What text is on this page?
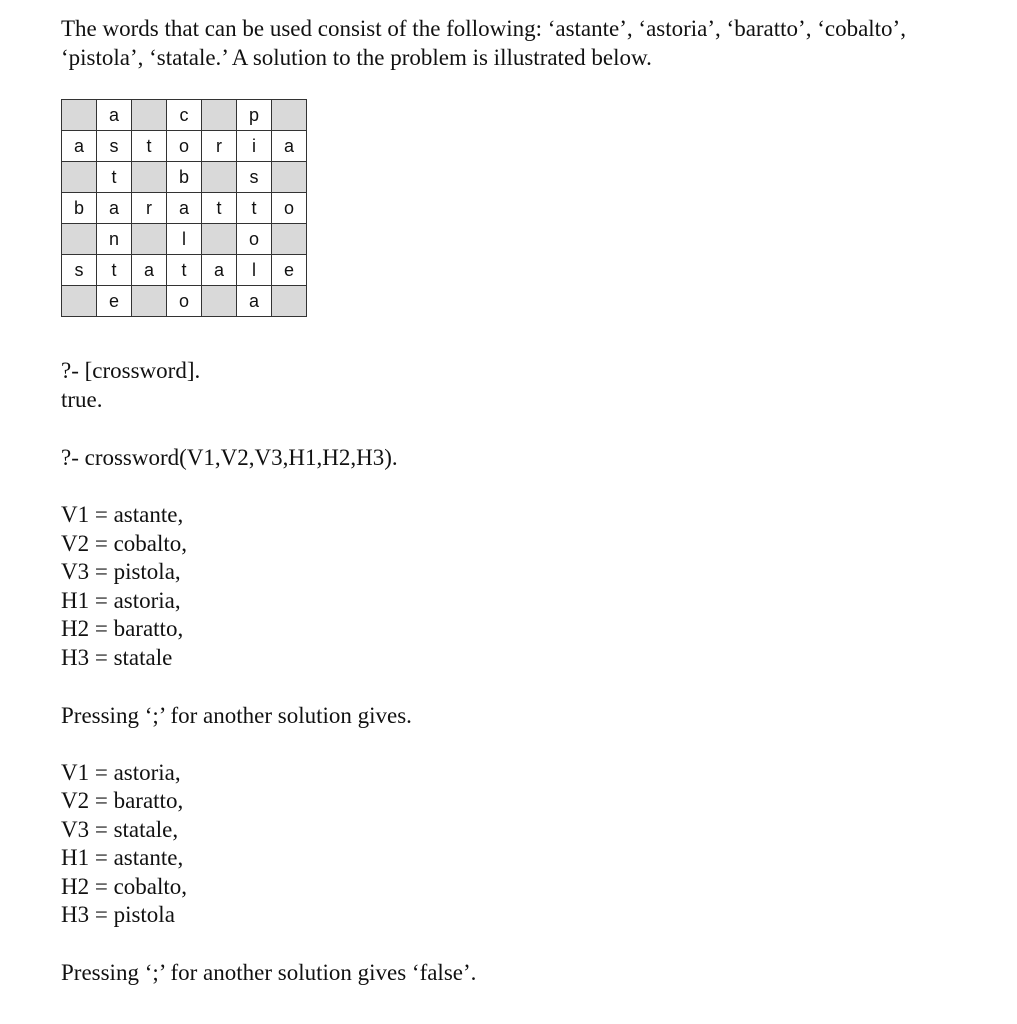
The words that can be used consist of the following: ‘astante’, ‘astoria’, ‘baratto’, ‘cobalto’,
‘pistola’, ‘statale.’ A solution to the problem is illustrated below.
	a		c		p	
a	s	t	o	r	i	a
	t		b		s	
b	a	r	a	t	t	o
	n		l		o	
s	t	a	t	a	l	e
	e		o		a	
?- [crossword].
true.
?- crossword(V1,V2,V3,H1,H2,H3).
V1 = astante,
V2 = cobalto,
V3 = pistola,
H1 = astoria,
H2 = baratto,
H3 = statale
Pressing ‘;’ for another solution gives.
V1 = astoria,
V2 = baratto,
V3 = statale,
H1 = astante,
H2 = cobalto,
H3 = pistola
Pressing ‘;’ for another solution gives ‘false’.
